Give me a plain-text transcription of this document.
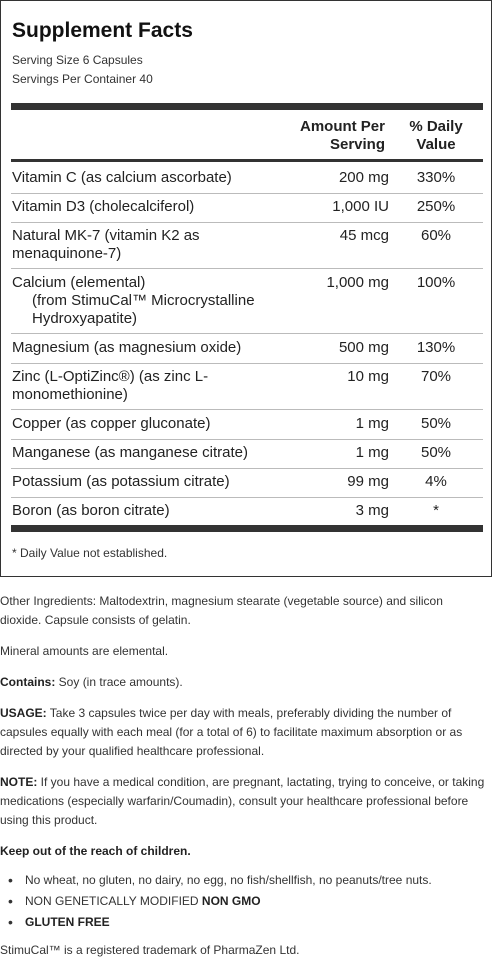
Supplement Facts
Serving Size 6 Capsules
Servings Per Container 40
Amount Per
Serving
% Daily
Value
Vitamin C (as calcium ascorbate)	200 mg	330%
Vitamin D3 (cholecalciferol)	1,000 IU	250%
Natural MK-7 (vitamin K2 as
menaquinone-7)
45 mcg	60%
Calcium (elemental)
(from StimuCal™ Microcrystalline
Hydroxyapatite)
1,000 mg	100%
Magnesium (as magnesium oxide)	500 mg	130%
Zinc (L-OptiZinc®) (as zinc L-
monomethionine)
10 mg	70%
Copper (as copper gluconate)	1 mg	50%
Manganese (as manganese citrate)	1 mg	50%
Potassium (as potassium citrate)	99 mg	4%
Boron (as boron citrate)	3 mg	*
* Daily Value not established.

Other Ingredients: Maltodextrin, magnesium stearate (vegetable source) and silicon
dioxide. Capsule consists of gelatin.

Mineral amounts are elemental.

Contains: Soy (in trace amounts).

USAGE: Take 3 capsules twice per day with meals, preferably dividing the number of
capsules equally with each meal (for a total of 6) to facilitate maximum absorption or as
directed by your qualified healthcare professional.

NOTE: If you have a medical condition, are pregnant, lactating, trying to conceive, or taking
medications (especially warfarin/Coumadin), consult your healthcare professional before
using this product.

Keep out of the reach of children.

• No wheat, no gluten, no dairy, no egg, no fish/shellfish, no peanuts/tree nuts.
• NON GENETICALLY MODIFIED NON GMO
• GLUTEN FREE

StimuCal™ is a registered trademark of PharmaZen Ltd.
